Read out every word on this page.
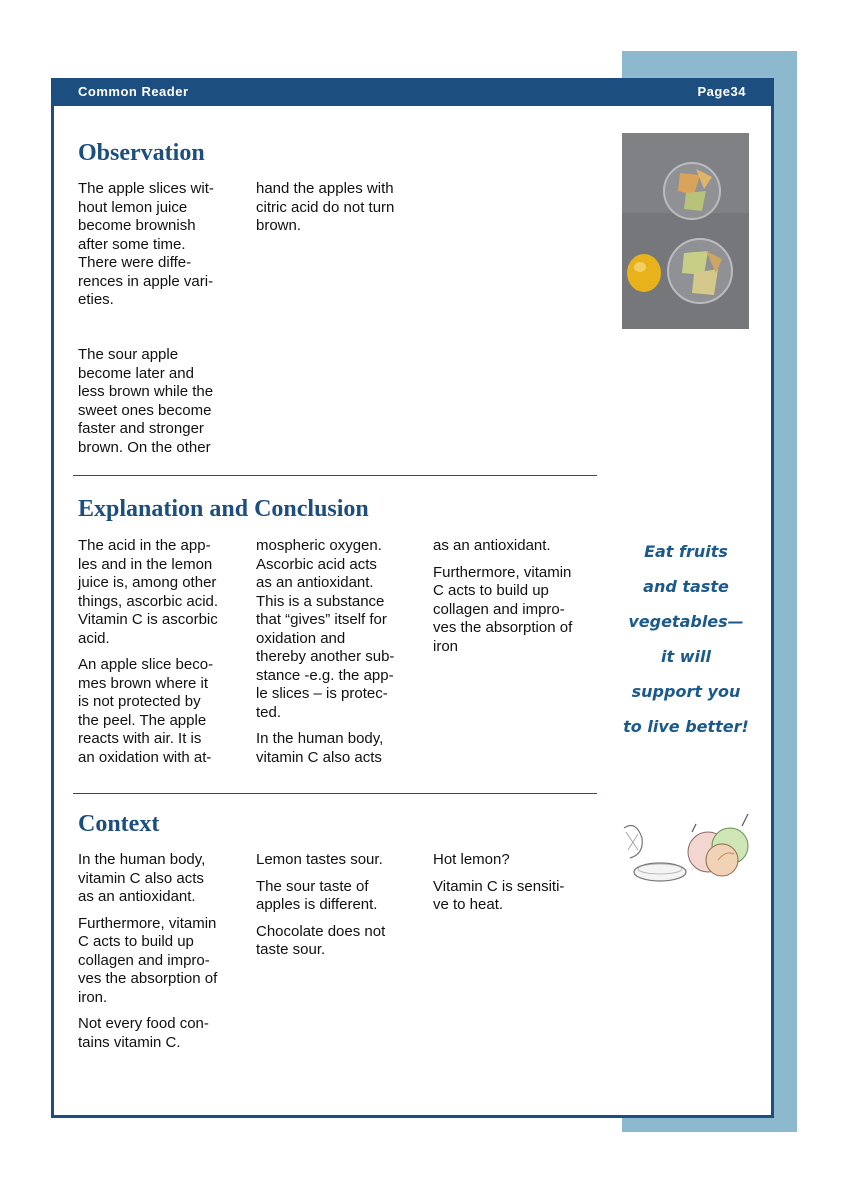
Common Reader	Page34
Observation

The apple slices wit-
hout lemon juice
become brownish
after some time.
There were diffe-
rences in apple vari-
eties.

The sour apple
become later and
less brown while the
sweet ones become
faster and stronger
brown. On the other

hand the apples with
citric acid do not turn
brown.

Explanation and Conclusion

The acid in the app-
les and in the lemon
juice is, among other
things, ascorbic acid.
Vitamin C is ascorbic
acid.

An apple slice beco-
mes brown where it
is not protected by
the peel. The apple
reacts with air. It is
an oxidation with at-

mospheric oxygen.
Ascorbic acid acts
as an antioxidant.
This is a substance
that “gives” itself for
oxidation and
thereby another sub-
stance -e.g. the app-
le slices – is protec-
ted.

In the human body,
vitamin C also acts

as an antioxidant.

Furthermore, vitamin
C acts to build up
collagen and impro-
ves the absorption of
iron

Context

In the human body,
vitamin C also acts
as an antioxidant.

Furthermore, vitamin
C acts to build up
collagen and impro-
ves the absorption of
iron.

Not every food con-
tains vitamin C.

Lemon tastes sour.

The sour taste of
apples is different.

Chocolate does not
taste sour.

Hot lemon?

Vitamin C is sensiti-
ve to heat.

Eat fruits
and taste
vegetables—
it will
support you
to live better!
